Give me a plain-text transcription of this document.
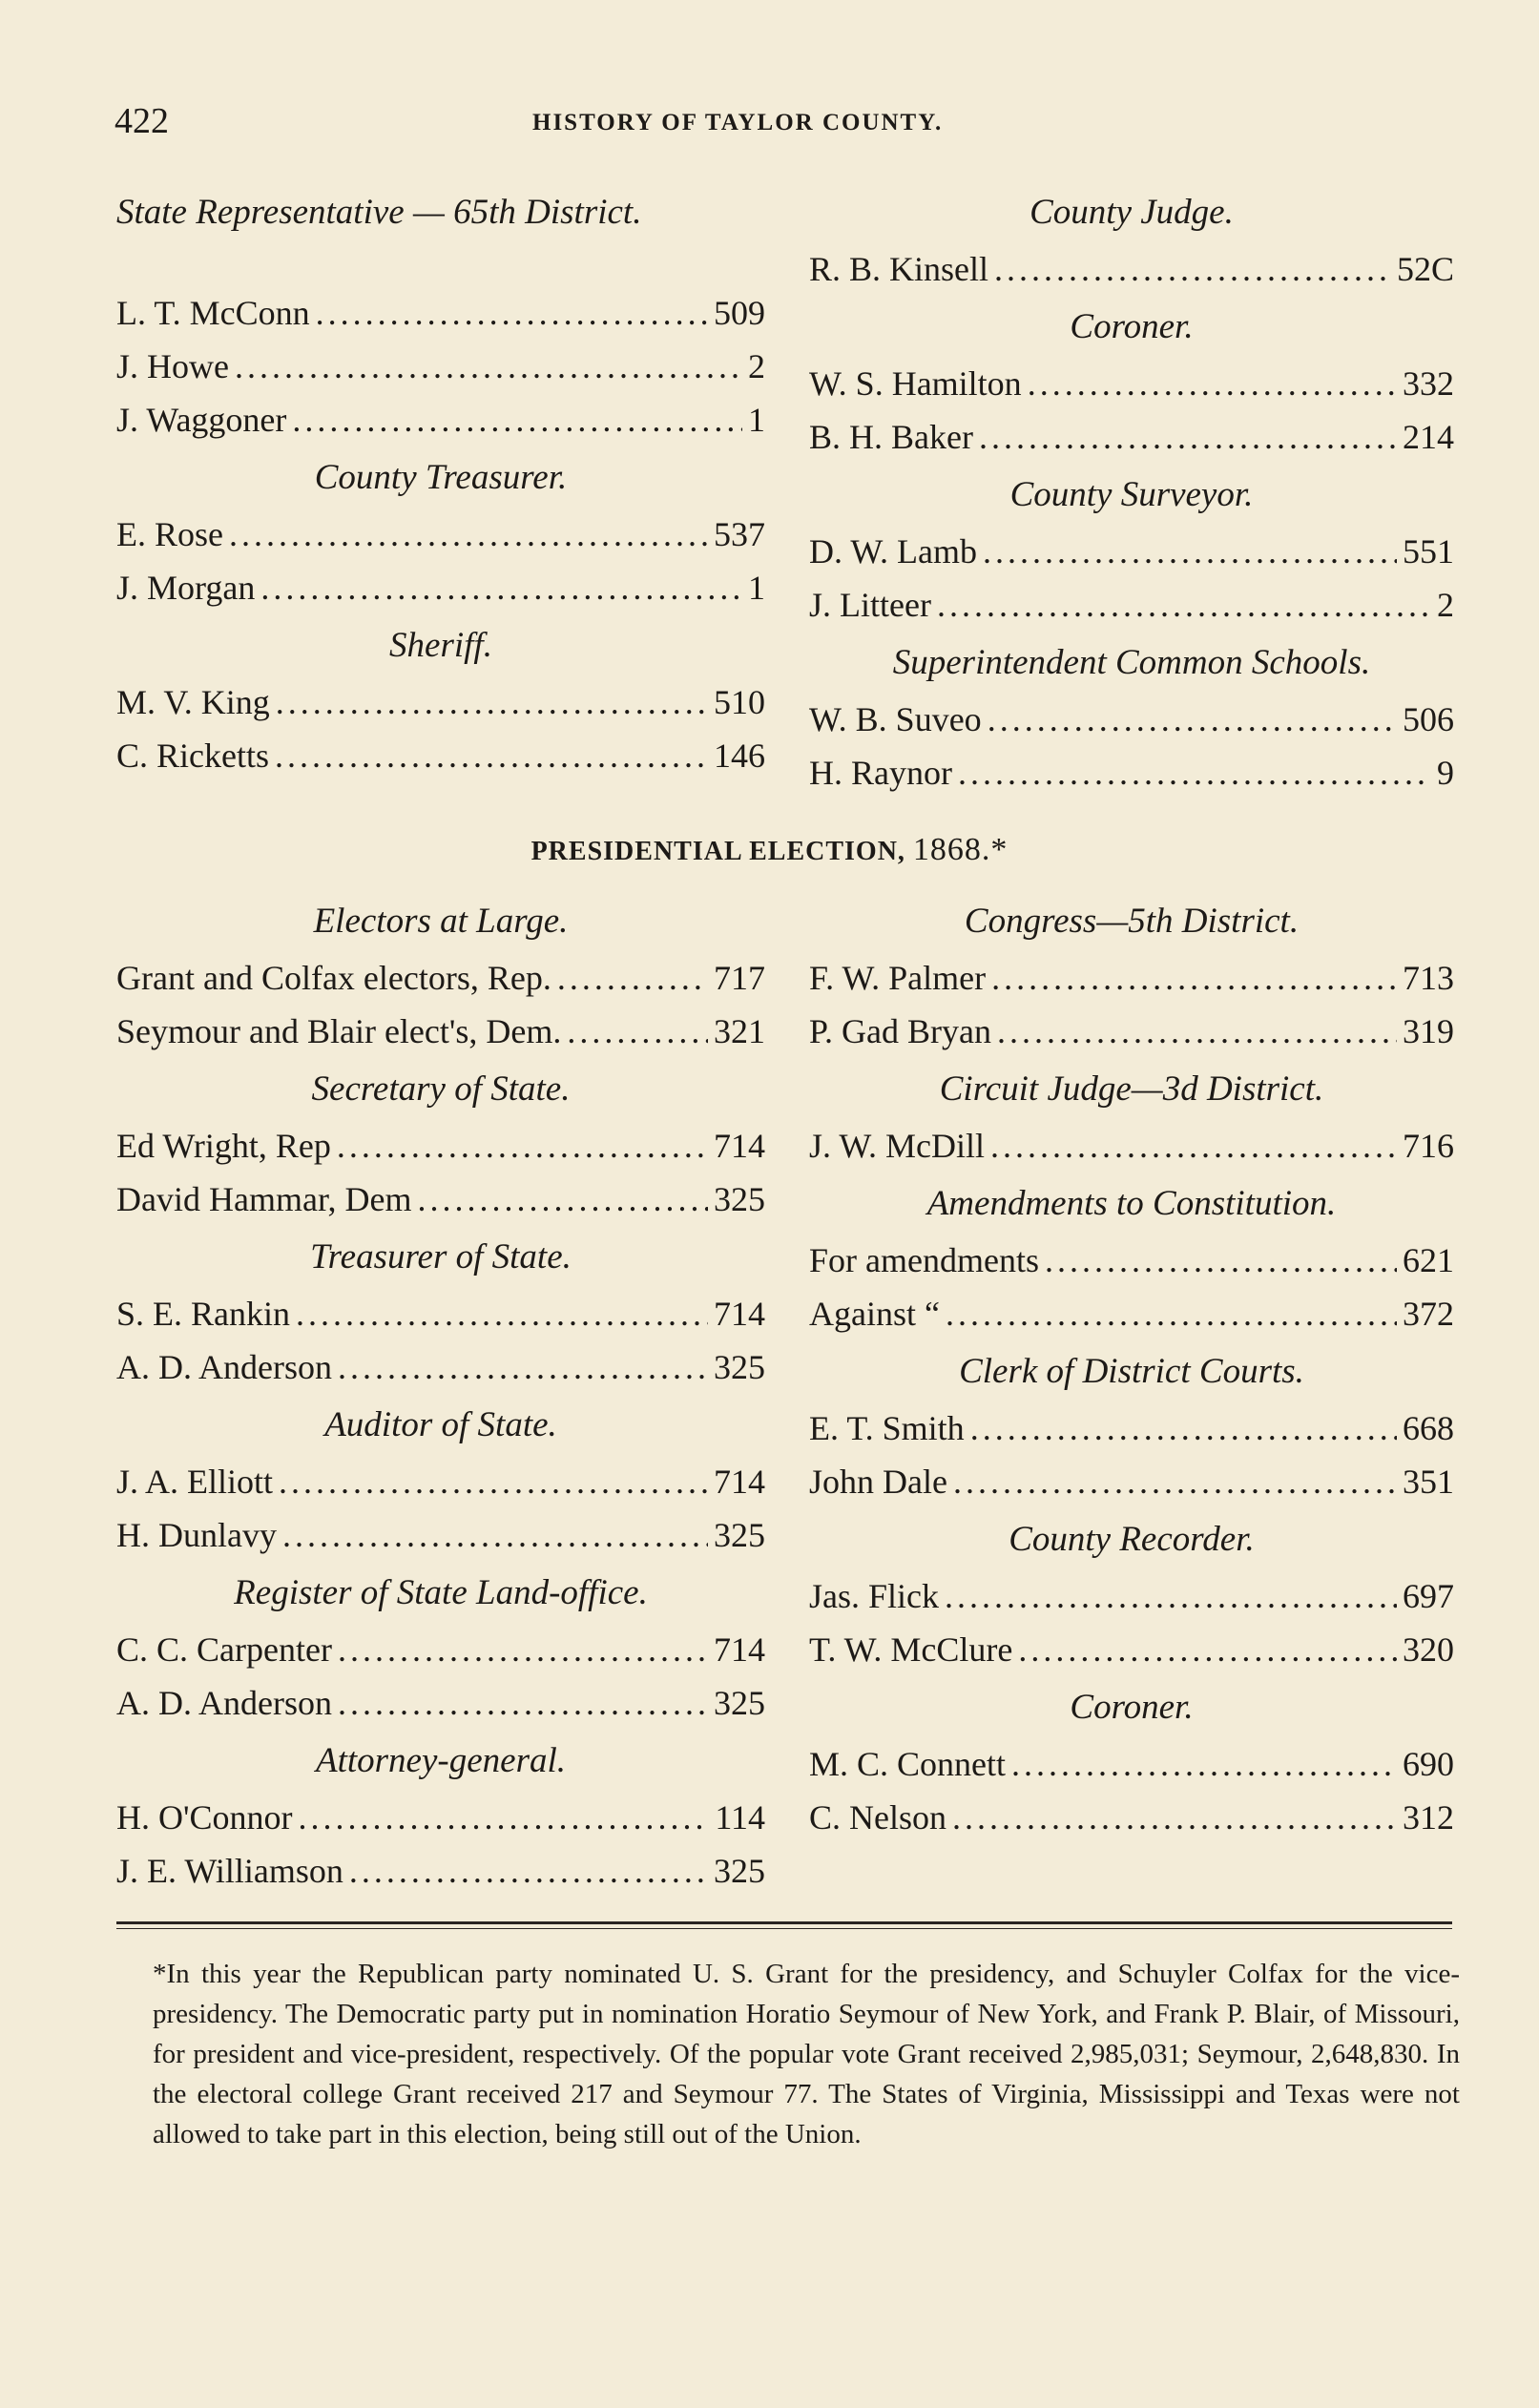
422	HISTORY OF TAYLOR COUNTY.
State Representative — 65th District.
L. T. McConn .....	509
J. Howe .....	2
J. Waggoner .....	1
County Treasurer.
E. Rose .....	537
J. Morgan .....	1
Sheriff.
M. V. King .....	510
C. Ricketts .....	146
County Judge.
R. B. Kinsell .....	52C
Coroner.
W. S. Hamilton .....	332
B. H. Baker .....	214
County Surveyor.
D. W. Lamb .....	551
J. Litteer .....	2
Superintendent Common Schools.
W. B. Suveo .....	506
H. Raynor .....	9
PRESIDENTIAL ELECTION, 1868.*
Electors at Large.
Grant and Colfax electors, Rep. .....	717
Seymour and Blair elect's, Dem. .....	321
Secretary of State.
Ed Wright, Rep .....	714
David Hammar, Dem .....	325
Treasurer of State.
S. E. Rankin .....	714
A. D. Anderson .....	325
Auditor of State.
J. A. Elliott .....	714
H. Dunlavy .....	325
Register of State Land-office.
C. C. Carpenter .....	714
A. D. Anderson .....	325
Attorney-general.
H. O'Connor .....	114
J. E. Williamson .....	325
Congress—5th District.
F. W. Palmer .....	713
P. Gad Bryan .....	319
Circuit Judge—3d District.
J. W. McDill .....	716
Amendments to Constitution.
For amendments .....	621
Against “ .....	372
Clerk of District Courts.
E. T. Smith .....	668
John Dale .....	351
County Recorder.
Jas. Flick .....	697
T. W. McClure .....	320
Coroner.
M. C. Connett .....	690
C. Nelson .....	312
*In this year the Republican party nominated U. S. Grant for the presidency, and Schuyler Colfax for the vice-presidency. The Democratic party put in nomination Horatio Seymour of New York, and Frank P. Blair, of Missouri, for president and vice-president, respectively. Of the popular vote Grant received 2,985,031; Seymour, 2,648,830. In the electoral college Grant received 217 and Seymour 77. The States of Virginia, Mississippi and Texas were not allowed to take part in this election, being still out of the Union.
